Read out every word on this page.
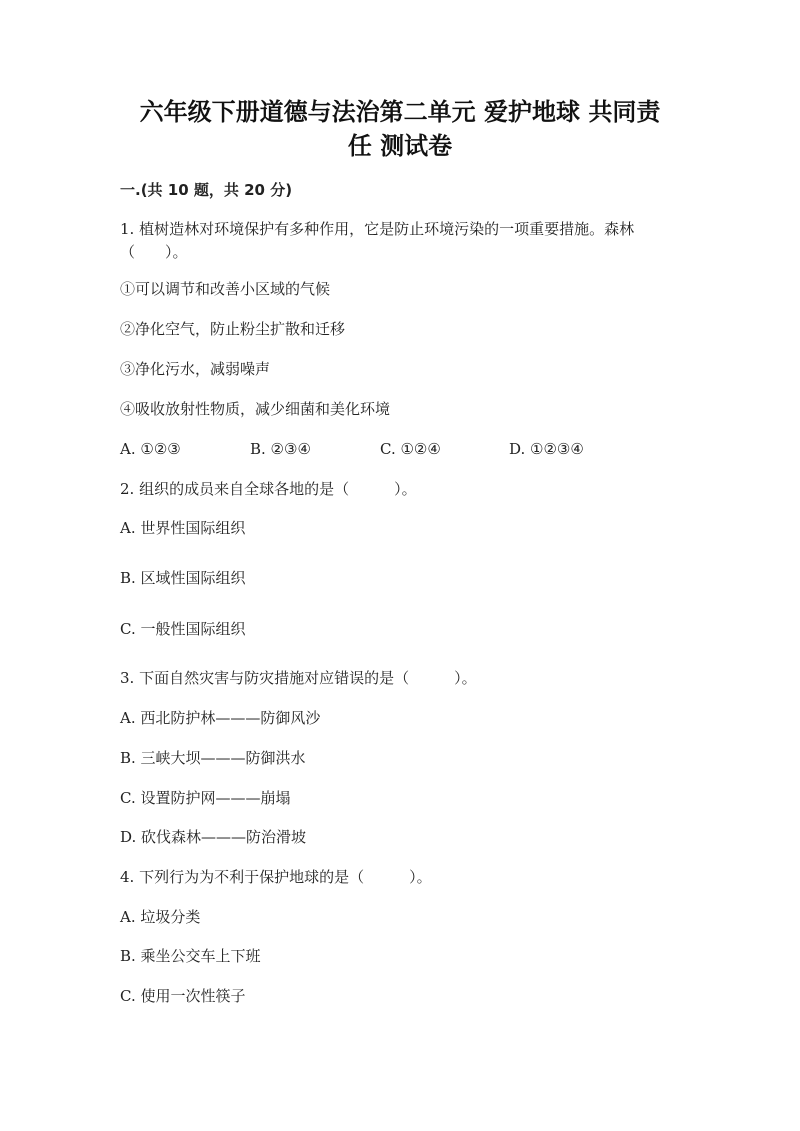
六年级下册道德与法治第二单元 爱护地球 共同责
任 测试卷
一.(共 10 题，共 20 分)
1. 植树造林对环境保护有多种作用，它是防止环境污染的一项重要措施。森林
（　　）。
①可以调节和改善小区域的气候
②净化空气，防止粉尘扩散和迁移
③净化污水，减弱噪声
④吸收放射性物质，减少细菌和美化环境
A. ①②③	B. ②③④	C. ①②④	D. ①②③④
2. 组织的成员来自全球各地的是（　　　）。
A. 世界性国际组织
B. 区域性国际组织
C. 一般性国际组织
3. 下面自然灾害与防灾措施对应错误的是（　　　）。
A. 西北防护林———防御风沙
B. 三峡大坝———防御洪水
C. 设置防护网———崩塌
D. 砍伐森林———防治滑坡
4. 下列行为为不利于保护地球的是（　　　）。
A. 垃圾分类
B. 乘坐公交车上下班
C. 使用一次性筷子
